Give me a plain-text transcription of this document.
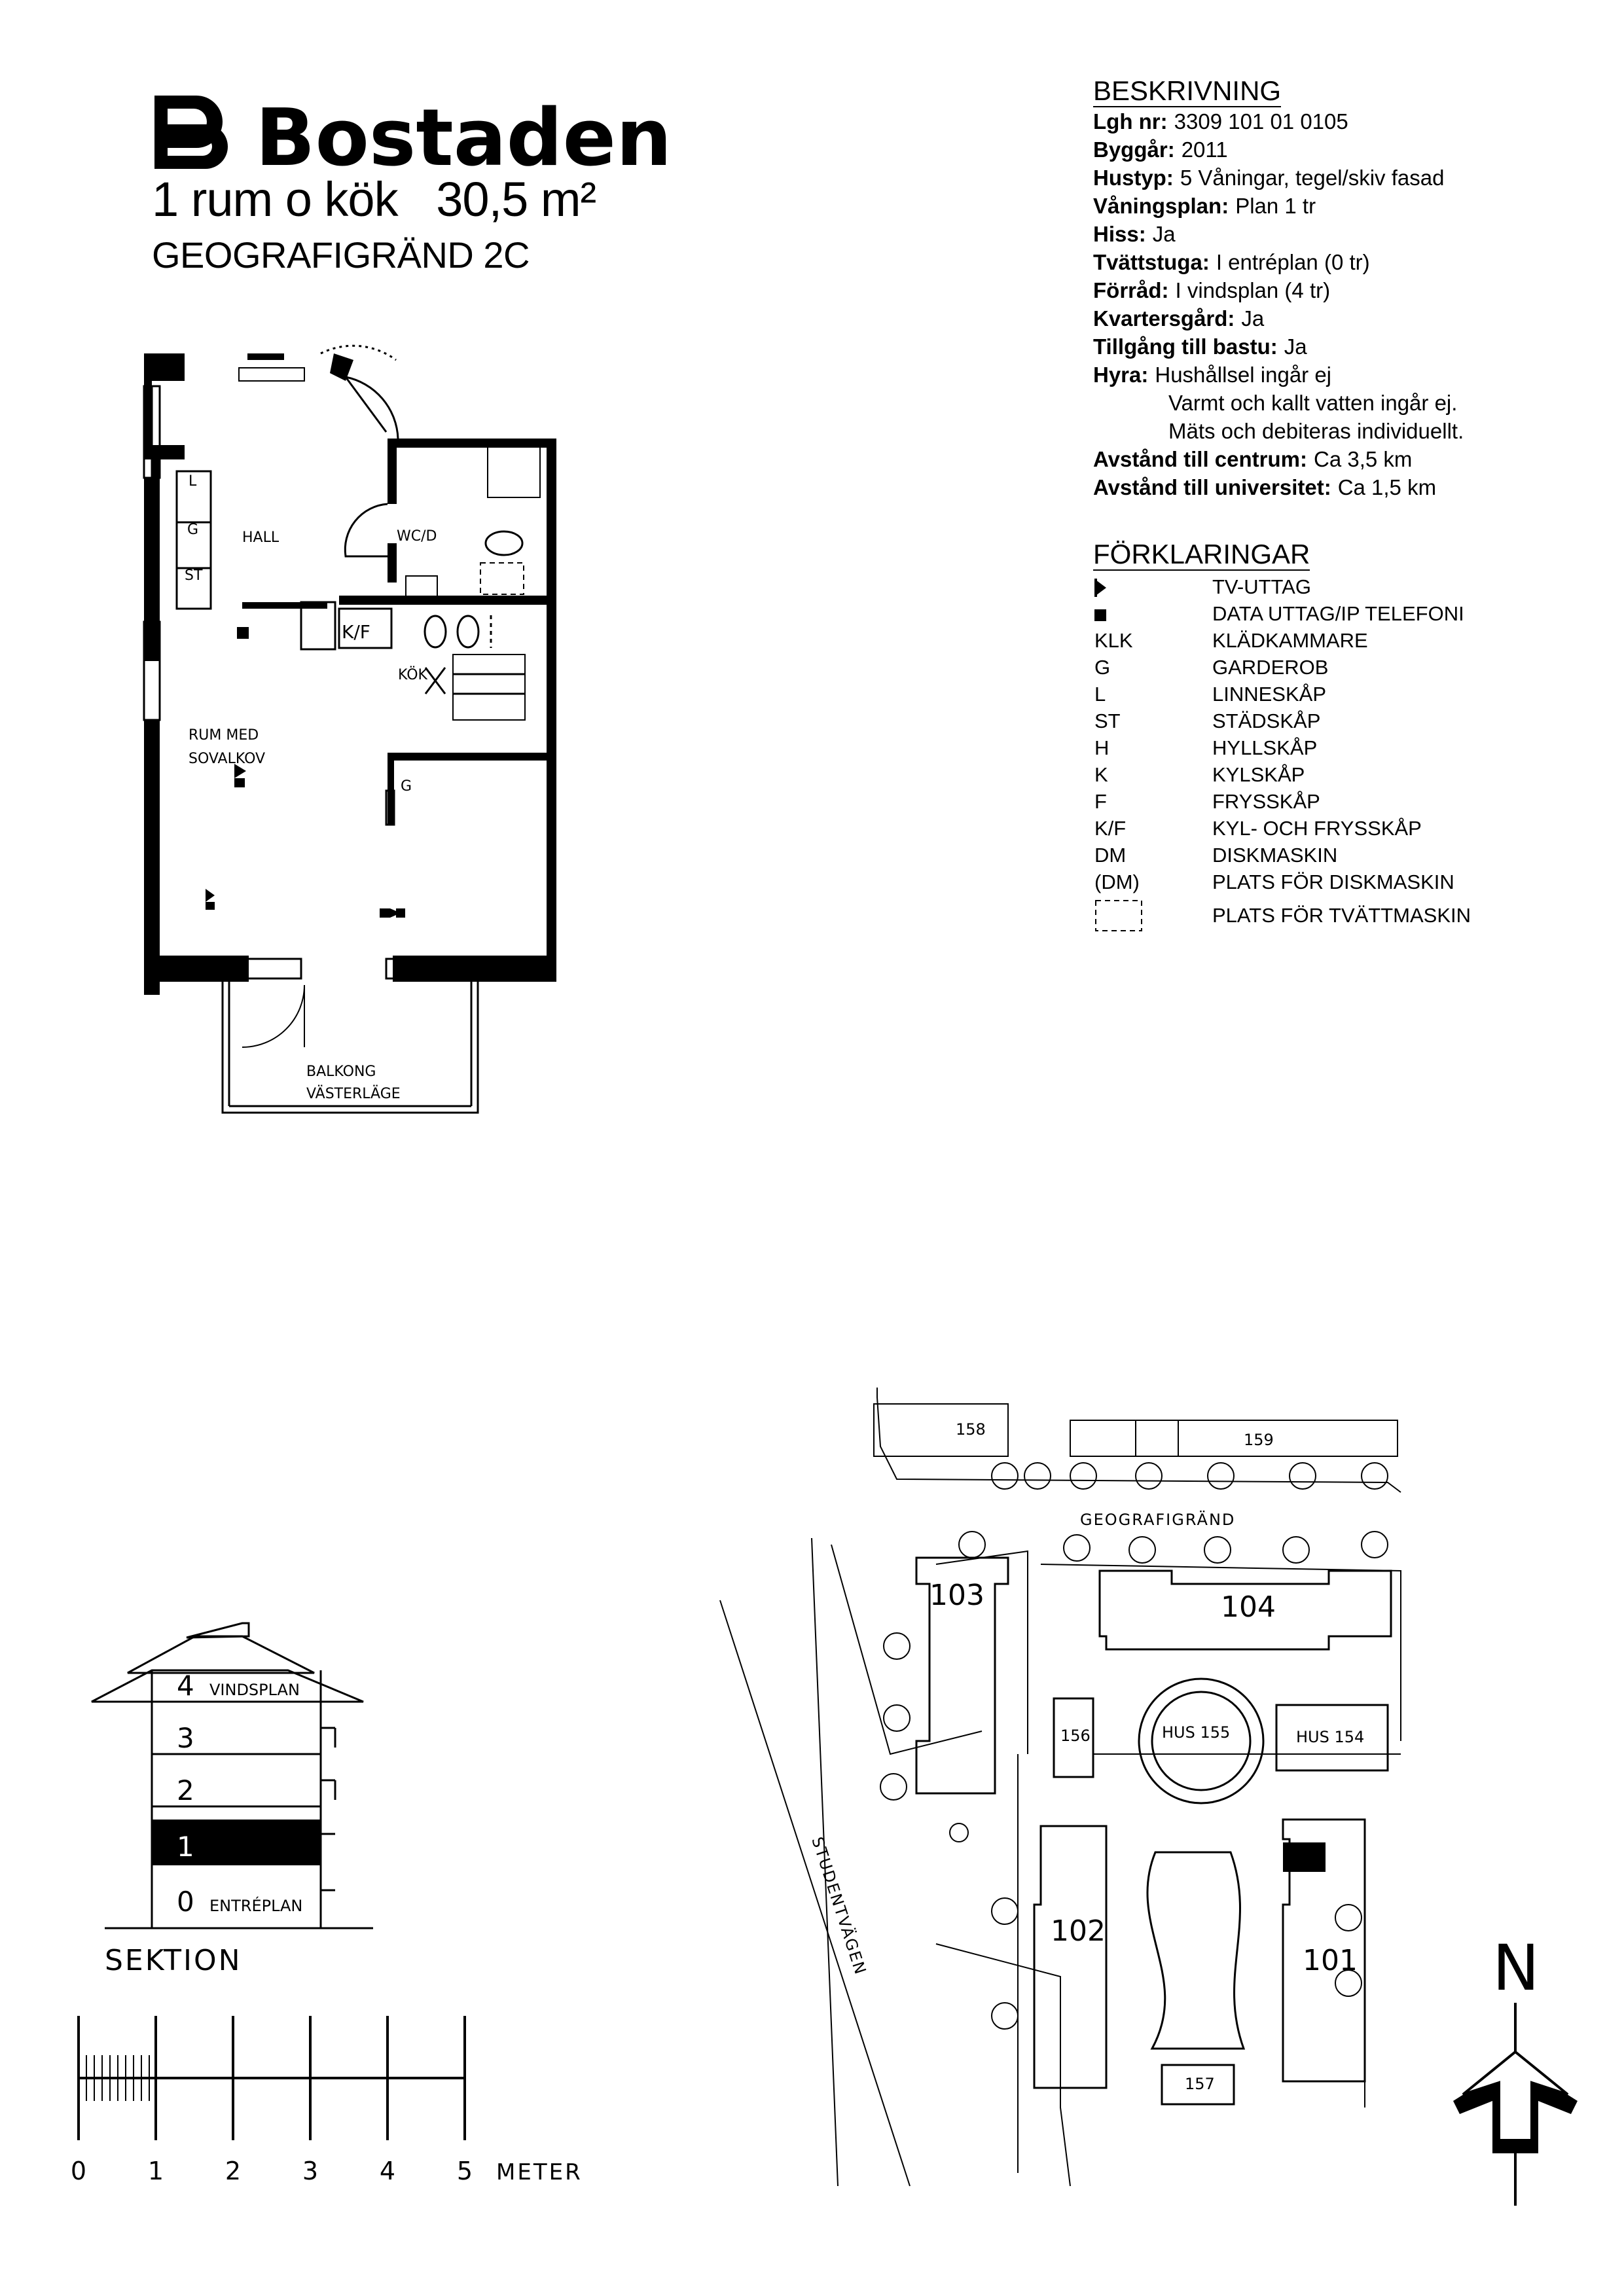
Bostaden
1 rum o kök   30,5 m²
GEOGRAFIGRÄND 2C
L
G
ST
HALL	WC/D
K/F
KÖK
RUM MED
SOVALKOV
G
BALKONG
VÄSTERLÄGE
BESKRIVNING
Lgh nr: 3309 101 01 0105
Byggår: 2011
Hustyp: 5 Våningar, tegel/skiv fasad
Våningsplan: Plan 1 tr
Hiss: Ja
Tvättstuga: I entréplan (0 tr)
Förråd: I vindsplan (4 tr)
Kvartersgård: Ja
Tillgång till bastu: Ja
Hyra: Hushållsel ingår ej
Varmt och kallt vatten ingår ej.
Mäts och debiteras individuellt.
Avstånd till centrum: Ca 3,5 km
Avstånd till universitet: Ca 1,5 km
FÖRKLARINGAR
TV-UTTAG
DATA UTTAG/IP TELEFONI
KLK	KLÄDKAMMARE
G	GARDEROB
L	LINNESKÅP
ST	STÄDSKÅP
H	HYLLSKÅP
K	KYLSKÅP
F	FRYSSKÅP
K/F	KYL- OCH FRYSSKÅP
DM	DISKMASKIN
(DM)	PLATS FÖR DISKMASKIN
PLATS FÖR TVÄTTMASKIN
4
3
2
1
0
VINDSPLAN
ENTRÉPLAN
SEKTION
0 1 2 3 4 5 METER
158
159
GEOGRAFIGRÄND
103	104
156	HUS 155	HUS 154
102
101
157
STUDENTVÄGEN	N
